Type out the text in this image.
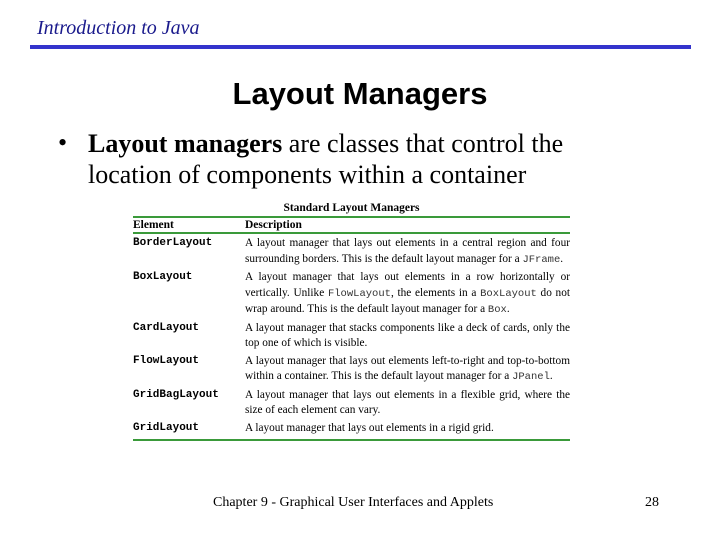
Introduction to Java
Layout Managers
• Layout managers are classes that control the location of components within a container
Standard Layout Managers
Element	Description
BorderLayout	A layout manager that lays out elements in a central region and four surrounding borders. This is the default layout manager for a JFrame.
BoxLayout	A layout manager that lays out elements in a row horizontally or vertically. Unlike FlowLayout, the elements in a BoxLayout do not wrap around. This is the default layout manager for a Box.
CardLayout	A layout manager that stacks components like a deck of cards, only the top one of which is visible.
FlowLayout	A layout manager that lays out elements left-to-right and top-to-bottom within a container. This is the default layout manager for a JPanel.
GridBagLayout	A layout manager that lays out elements in a flexible grid, where the size of each element can vary.
GridLayout	A layout manager that lays out elements in a rigid grid.
Chapter 9 - Graphical User Interfaces and Applets	28
